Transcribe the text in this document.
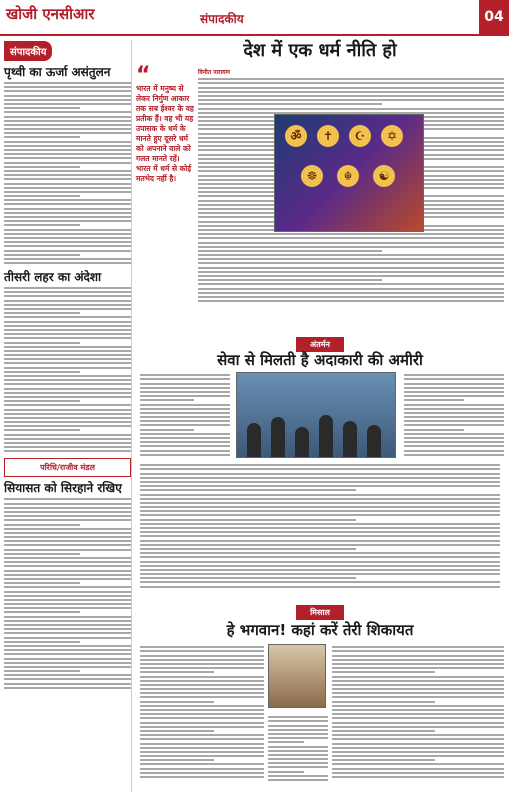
खोजी एनसीआर	संपादकीय	04
संपादकीय
पृथ्वी का ऊर्जा असंतुलन
तीसरी लहर का अंदेशा
परिधि/राजीव मंडल
सियासत को सिरहाने रखिए
देश में एक धर्म नीति हो
“
भारत में मनुष्य से लेकर निर्गुण आकार तक सब ईश्वर के वह प्रतीक हैं। वह भी यह उपासक के धर्म के मानते हुए दूसरे धर्म को अपनाने वाले को गलत मानते रहें। भारत में धर्म से कोई मतभेद नहीं है।
विनीत नारायण
ॐ	✝	☪	✡
☸	☬	☯
अंतर्मन
सेवा से मिलती है अदाकारी की अमीरी
मिसाल
हे भगवान! कहां करें तेरी शिकायत
